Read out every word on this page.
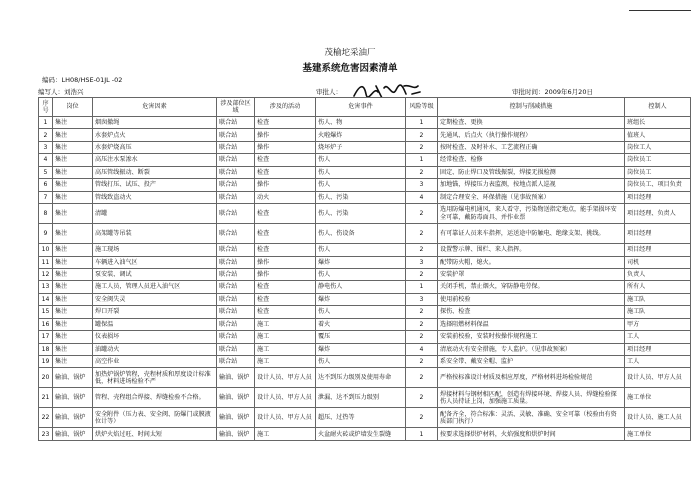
茂榆坨采油厂
基建系统危害因素清单
编码：LH08/HSE-01JL -02
编写人：刘浩兴	审批人：	审批时间：2009年6月20日
序号	岗位	危害因素	涉及部位区域	涉及的活动	危害事件	风险等级	控制与削减措施	控制人
1	集注	烟囱撤绳	联合站	检查	伤人、物	1	定期检查、更换	班组长
2	集注	水套炉点火	联合站	操作	火啦爆炸	2	先通风、后点火（执行操作规程）	值班人
3	集注	水套炉烧高压	联合站	操作	烧坏炉子	2	按时检查、及时补水、工艺流程正确	岗位工人
4	集注	高压注水泵渗水	联合站	检查	伤人	1	经常检查、检修	岗位员工
5	集注	高压管线振动、断裂	联合站	检查	伤人	2	固定、防止焊口及管线振裂，焊接无损检测	岗位员工
6	集注	管线打压、试压、投产	联合站	操作	伤人	3	加地锚，焊接压力表监测，按地点派人巡视	岗位员工、项目负责
7	集注	管线致盗动火	联合站	动火	伤人、污染	4	制定合理安全、环保措施（见事故预案）	项目经理
8	集注	清罐	联合站	检查	伤人、污染	2	选用防爆电机通风，来人看守，污染物送指定地点，能手架损坏安全可靠，戴防毒面具、并作业票	项目经理、负责人
9	集注	高架罐等吊装	联合站	检查	伤人、伤设备	2	有可靠证人员来车指挥，运送途中防触电、绝缘支架、挑线。	项目经理
10	集注	施工现场	联合站	检查	伤人	2	设置警示牌、围栏、来人指挥。	项目经理
11	集注	车辆进入油气区	联合站	操作	爆炸	3	配带防火帽，熄火。	司机
12	集注	泵安装、调试	联合站	操作	伤人	2	安装护罩	负责人
13	集注	施工人员，管理人员进入油气区	联合站	检查	静电伤人	1	关闭手机，禁止烟火，穿防静电劳保。	所有人
14	集注	安全阀失灵	联合站	检查	爆炸	3	使用前校验	施工队
15	集注	焊口开裂	联合站	检查	伤人	2	探伤、检查	施工队
16	集注	罐保温	联合站	施工	着火	2	选择阻燃材料保温	甲方
17	集注	仪表损坏	联合站	施工	覆压	2	安装前校验，安装时按操作规程施工	工人
18	集注	油罐动火	联合站	施工	爆炸	4	清底动火有安全措施，专人监护。（见事故预案）	项目经理
19	集注	高空作业	联合站	施工	伤人	2	系安全带、戴安全帽、监护	工人
20	输油、锅炉	加热炉锅炉管程，壳程材质和厚度设计标准低，材料进场检验不严	输油、锅炉	设计人员、甲方人员	达不到压力级别及使用寿命	2	严格按标准设计材质及相应厚度，严格材料进场检验规范	设计人员、甲方人员
21	输油、锅炉	管程、壳程组合焊接、焊缝检验不合格。	输油、锅炉	设计人员、甲方人员	泄漏、达不到压力级别	2	焊接材料与钢材相匹配，创造有焊接环境、焊接人员、焊缝检验探伤人员持证上岗，加强施工质量。	施工单位
22	输油、锅炉	安全附件（压力表、安全阀、防爆门或膜液位计等）	输油、锅炉	设计人员、甲方人员	超压、过热等	2	配备齐全，符合标准：灵活、灵敏、准确、安全可靠（校验由有资质部门执行）	设计人员、施工人员
23	输油、锅炉	烘炉火焰过旺、时间太短	输油、锅炉	施工	火盆耐火砖或炉墙发生裂缝	1	按要求选择烘炉材料，火焰强度和烘炉时间	施工单位
